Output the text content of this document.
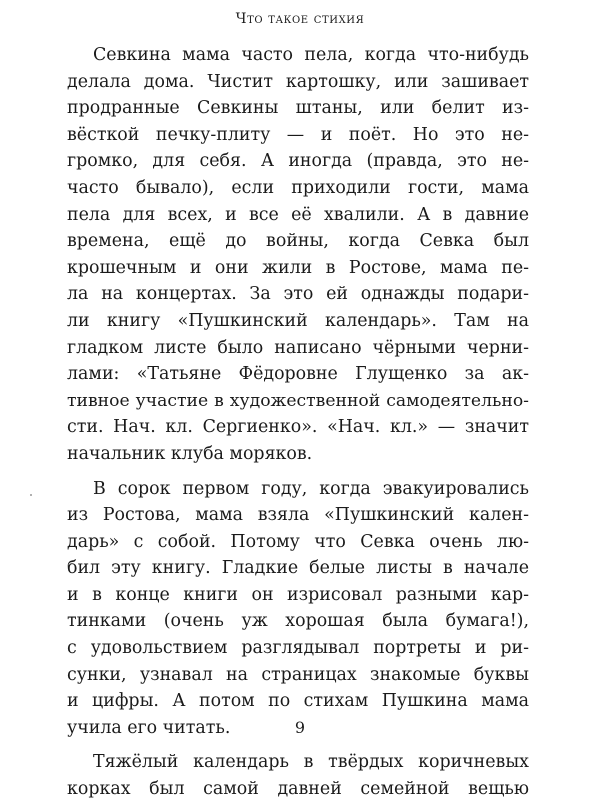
Что такое стихия
Севкина мама часто пела, когда что-нибудь
делала дома. Чистит картошку, или зашивает
продранные Севкины штаны, или белит из-
вёсткой печку-плиту — и поёт. Но это не-
громко, для себя. А иногда (правда, это не-
часто бывало), если приходили гости, мама
пела для всех, и все её хвалили. А в давние
времена, ещё до войны, когда Севка был
крошечным и они жили в Ростове, мама пе-
ла на концертах. За это ей однажды подари-
ли книгу «Пушкинский календарь». Там на
гладком листе было написано чёрными черни-
лами: «Татьяне Фёдоровне Глущенко за ак-
тивное участие в художественной самодеятельно-
сти. Нач. кл. Сергиенко». «Нач. кл.» — значит
начальник клуба моряков.
В сорок первом году, когда эвакуировались
из Ростова, мама взяла «Пушкинский кален-
дарь» с собой. Потому что Севка очень лю-
бил эту книгу. Гладкие белые листы в начале
и в конце книги он изрисовал разными кар-
тинками (очень уж хорошая была бумага!),
с удовольствием разглядывал портреты и ри-
сунки, узнавал на страницах знакомые буквы
и цифры. А потом по стихам Пушкина мама
учила его читать.
Тяжёлый календарь в твёрдых коричневых
корках был самой давней семейной вещью
9
